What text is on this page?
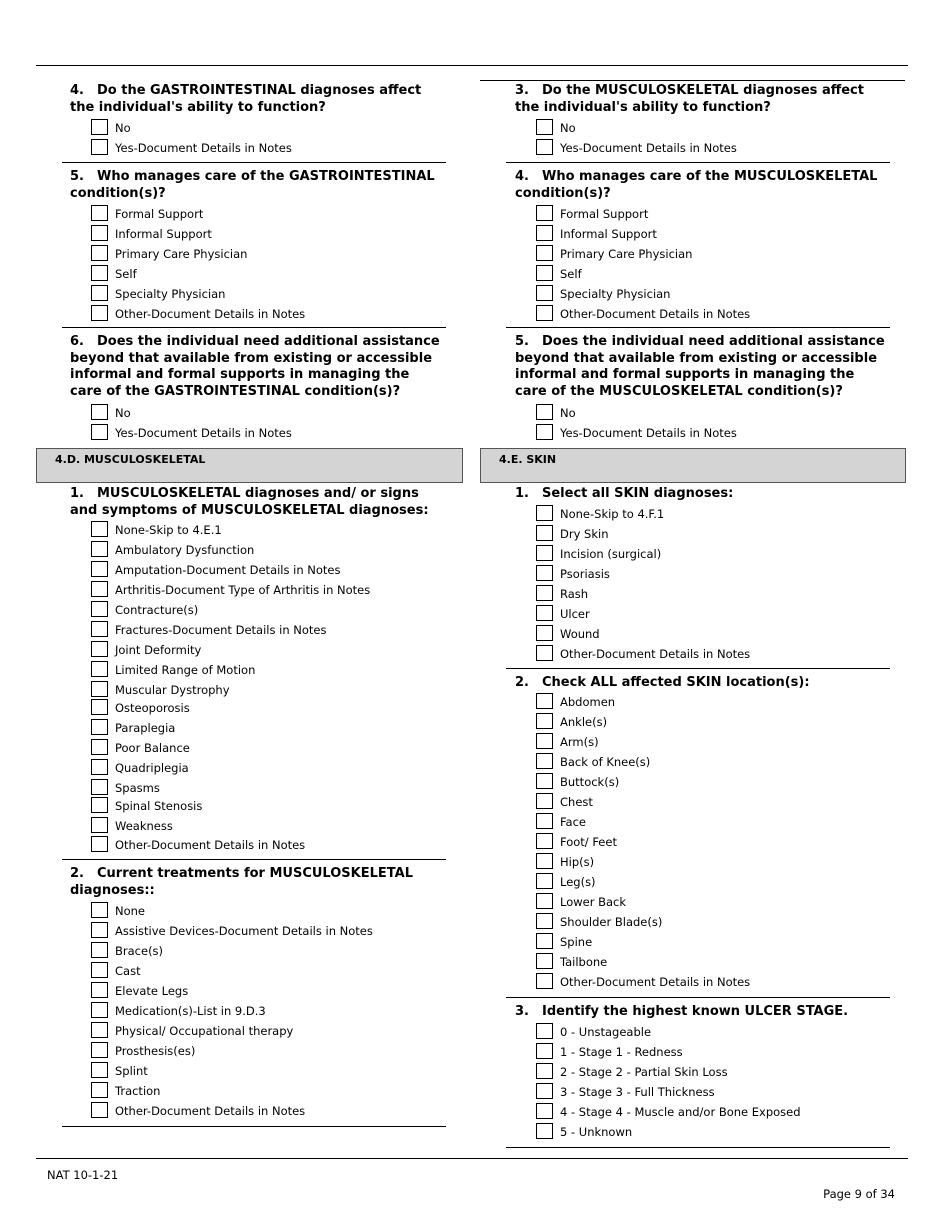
4. Do the GASTROINTESTINAL diagnoses affect the individual's ability to function?
No
Yes-Document Details in Notes
5. Who manages care of the GASTROINTESTINAL condition(s)?
Formal Support
Informal Support
Primary Care Physician
Self
Specialty Physician
Other-Document Details in Notes
6. Does the individual need additional assistance beyond that available from existing or accessible informal and formal supports in managing the care of the GASTROINTESTINAL condition(s)?
No
Yes-Document Details in Notes
3. Do the MUSCULOSKELETAL diagnoses affect the individual's ability to function?
No
Yes-Document Details in Notes
4. Who manages care of the MUSCULOSKELETAL condition(s)?
Formal Support
Informal Support
Primary Care Physician
Self
Specialty Physician
Other-Document Details in Notes
5. Does the individual need additional assistance beyond that available from existing or accessible informal and formal supports in managing the care of the MUSCULOSKELETAL condition(s)?
No
Yes-Document Details in Notes
4.D. MUSCULOSKELETAL	4.E. SKIN
1. MUSCULOSKELETAL diagnoses and/ or signs and symptoms of MUSCULOSKELETAL diagnoses:
None-Skip to 4.E.1
Ambulatory Dysfunction
Amputation-Document Details in Notes
Arthritis-Document Type of Arthritis in Notes
Contracture(s)
Fractures-Document Details in Notes
Joint Deformity
Limited Range of Motion
Muscular Dystrophy
Osteoporosis
Paraplegia
Poor Balance
Quadriplegia
Spasms
Spinal Stenosis
Weakness
Other-Document Details in Notes
2. Current treatments for MUSCULOSKELETAL diagnoses::
None
Assistive Devices-Document Details in Notes
Brace(s)
Cast
Elevate Legs
Medication(s)-List in 9.D.3
Physical/ Occupational therapy
Prosthesis(es)
Splint
Traction
Other-Document Details in Notes
1. Select all SKIN diagnoses:
None-Skip to 4.F.1
Dry Skin
Incision (surgical)
Psoriasis
Rash
Ulcer
Wound
Other-Document Details in Notes
2. Check ALL affected SKIN location(s):
Abdomen
Ankle(s)
Arm(s)
Back of Knee(s)
Buttock(s)
Chest
Face
Foot/ Feet
Hip(s)
Leg(s)
Lower Back
Shoulder Blade(s)
Spine
Tailbone
Other-Document Details in Notes
3. Identify the highest known ULCER STAGE.
0 - Unstageable
1 - Stage 1 - Redness
2 - Stage 2 - Partial Skin Loss
3 - Stage 3 - Full Thickness
4 - Stage 4 - Muscle and/or Bone Exposed
5 - Unknown
NAT 10-1-21
Page 9 of 34
